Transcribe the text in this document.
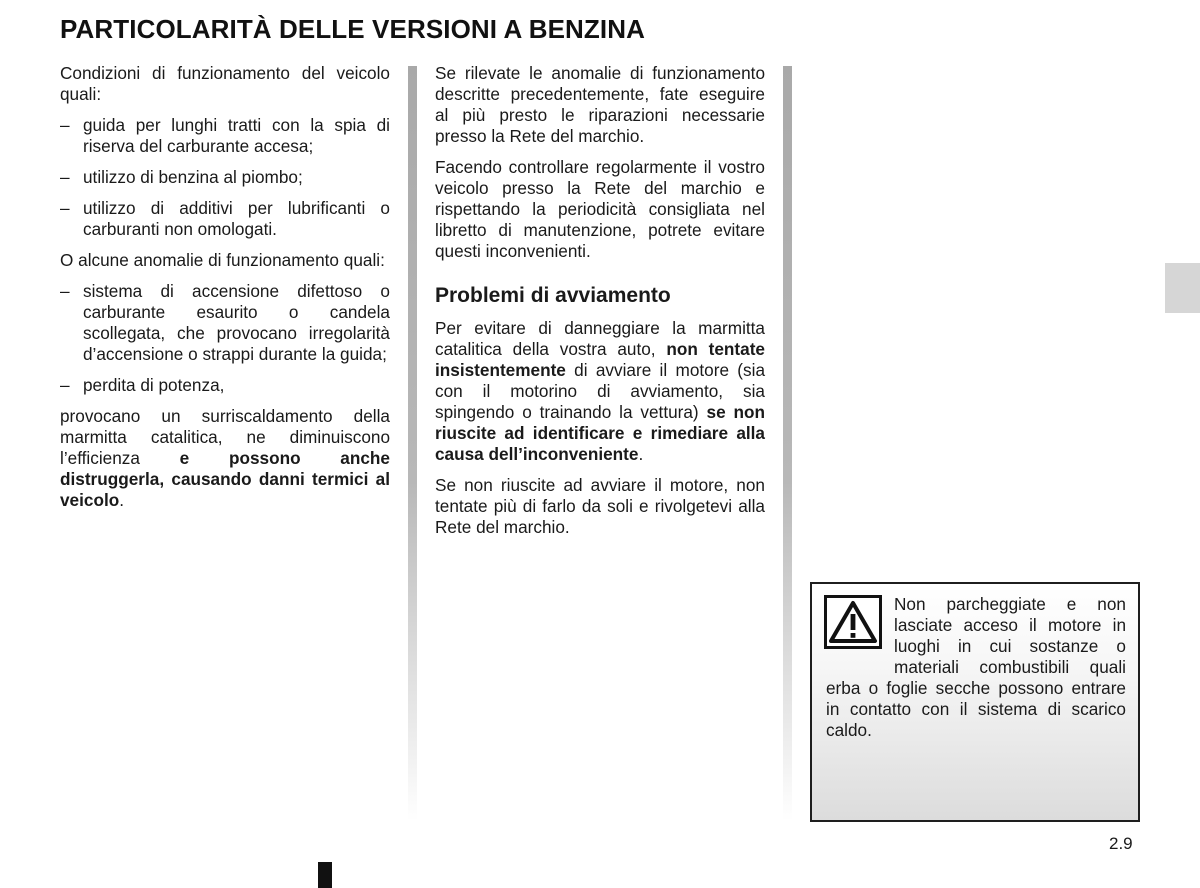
PARTICOLARITÀ DELLE VERSIONI A BENZINA

Condizioni di funzionamento del veicolo quali:

– guida per lunghi tratti con la spia di riserva del carburante accesa;
– utilizzo di benzina al piombo;
– utilizzo di additivi per lubrificanti o carburanti non omologati.

O alcune anomalie di funzionamento quali:

– sistema di accensione difettoso o carburante esaurito o candela scollegata, che provocano irregolarità d’accensione o strappi durante la guida;
– perdita di potenza,

provocano un surriscaldamento della marmitta catalitica, ne diminuiscono l’efficienza e possono anche distruggerla, causando danni termici al veicolo.

Se rilevate le anomalie di funzionamento descritte precedentemente, fate eseguire al più presto le riparazioni necessarie presso la Rete del marchio.

Facendo controllare regolarmente il vostro veicolo presso la Rete del marchio e rispettando la periodicità consigliata nel libretto di manutenzione, potrete evitare questi inconvenienti.

Problemi di avviamento

Per evitare di danneggiare la marmitta catalitica della vostra auto, non tentate insistentemente di avviare il motore (sia con il motorino di avviamento, sia spingendo o trainando la vettura) se non riuscite ad identificare e rimediare alla causa dell’inconveniente.

Se non riuscite ad avviare il motore, non tentate più di farlo da soli e rivolgetevi alla Rete del marchio.

Non parcheggiate e non lasciate acceso il motore in luoghi in cui sostanze o materiali combustibili quali erba o foglie secche possono entrare in contatto con il sistema di scarico caldo.
2.9
